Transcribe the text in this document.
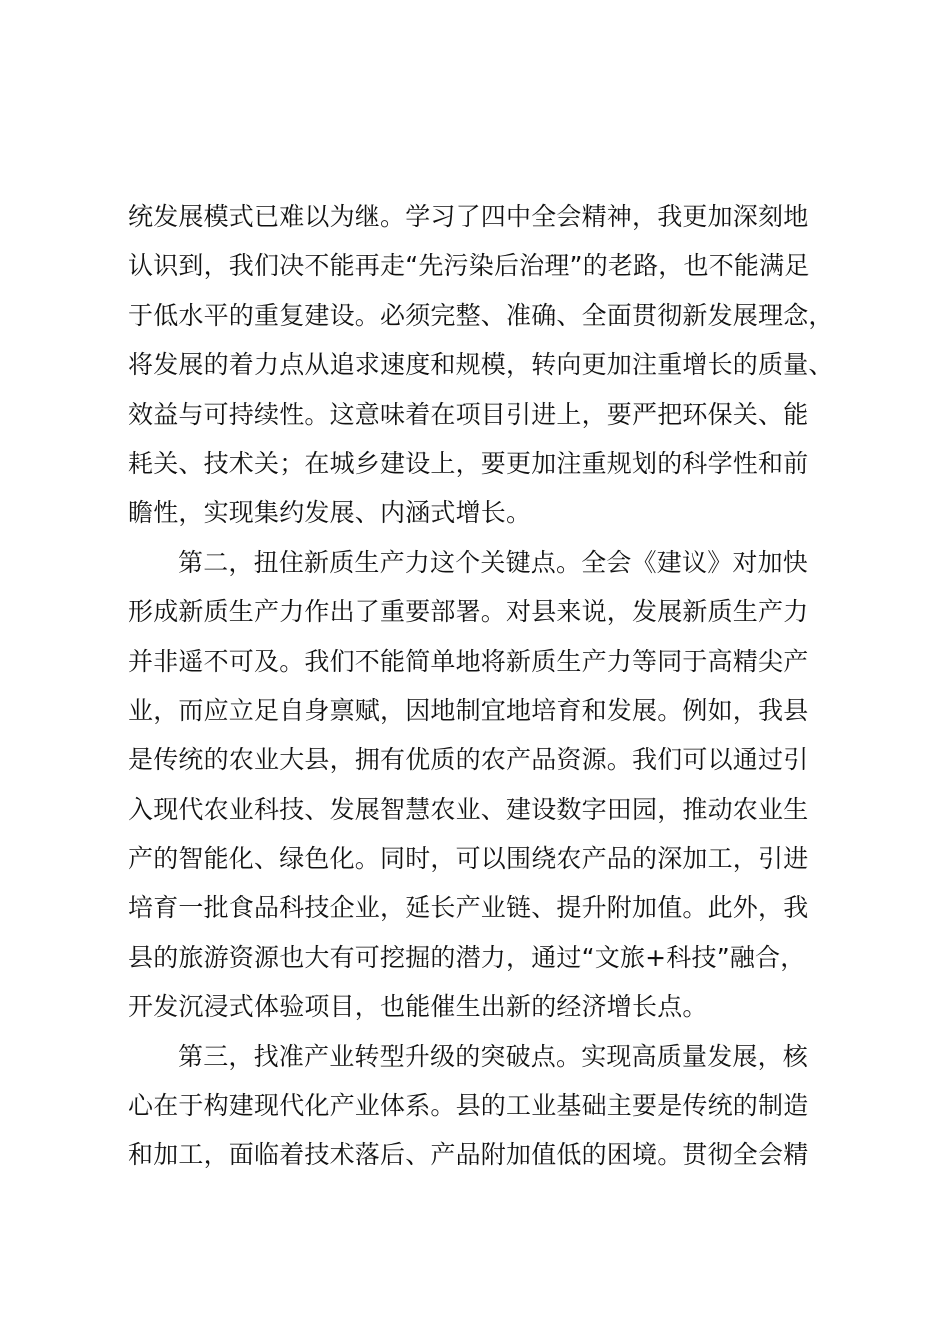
统发展模式已难以为继。学习了四中全会精神，我更加深刻地
认识到，我们决不能再走“先污染后治理”的老路，也不能满足
于低水平的重复建设。必须完整、准确、全面贯彻新发展理念，
将发展的着力点从追求速度和规模，转向更加注重增长的质量、
效益与可持续性。这意味着在项目引进上，要严把环保关、能
耗关、技术关；在城乡建设上，要更加注重规划的科学性和前
瞻性，实现集约发展、内涵式增长。
第二，扭住新质生产力这个关键点。全会《建议》对加快
形成新质生产力作出了重要部署。对县来说，发展新质生产力
并非遥不可及。我们不能简单地将新质生产力等同于高精尖产
业，而应立足自身禀赋，因地制宜地培育和发展。例如，我县
是传统的农业大县，拥有优质的农产品资源。我们可以通过引
入现代农业科技、发展智慧农业、建设数字田园，推动农业生
产的智能化、绿色化。同时，可以围绕农产品的深加工，引进
培育一批食品科技企业，延长产业链、提升附加值。此外，我
县的旅游资源也大有可挖掘的潜力，通过“文旅+科技”融合，
开发沉浸式体验项目，也能催生出新的经济增长点。
第三，找准产业转型升级的突破点。实现高质量发展，核
心在于构建现代化产业体系。县的工业基础主要是传统的制造
和加工，面临着技术落后、产品附加值低的困境。贯彻全会精
